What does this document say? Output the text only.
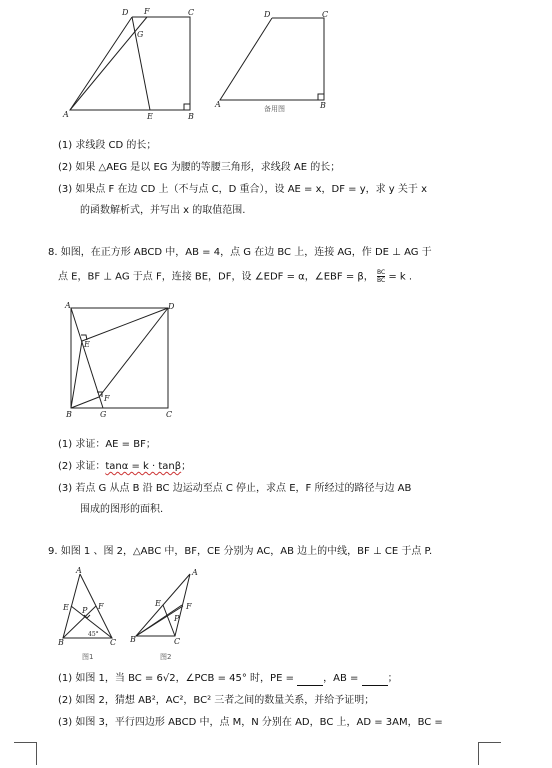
D F	C
G
A	E	B
D	C
A	B
备用图
(1) 求线段 CD 的长；
(2) 如果 △AEG 是以 EG 为腰的等腰三角形，求线段 AE 的长；
(3) 如果点 F 在边 CD 上（不与点 C，D 重合），设 AE = x，DF = y，求 y 关于 x
的函数解析式，并写出 x 的取值范围.
8. 如图，在正方形 ABCD 中，AB = 4，点 G 在边 BC 上，连接 AG，作 DE ⊥ AG 于
点 E，BF ⊥ AG 于点 F，连接 BE，DF，设 ∠EDF = α，∠EBF = β， $\frac{BC}{BC} = k$ .
A	D
E
F
B	G	C
(1) 求证：AE = BF；
(2) 求证：tanα = k · tanβ；
(3) 若点 G 从点 B 沿 BC 边运动至点 C 停止，求点 E，F 所经过的路径与边 AB
围成的图形的面积.
9. 如图 1 、图 2，△ABC 中，BF，CE 分别为 AC，AB 边上的中线，BF ⊥ CE 于点 P.
A
E	F
P
B	C
45°
图1
A
E	F
P
B	C
图2
(1) 如图 1，当 BC = 6√2，∠PCB = 45° 时，PE =	，AB =	；
(2) 如图 2，猜想 AB²，AC²，BC² 三者之间的数量关系，并给予证明；
(3) 如图 3，平行四边形 ABCD 中，点 M，N 分别在 AD，BC 上，AD = 3AM，BC =
